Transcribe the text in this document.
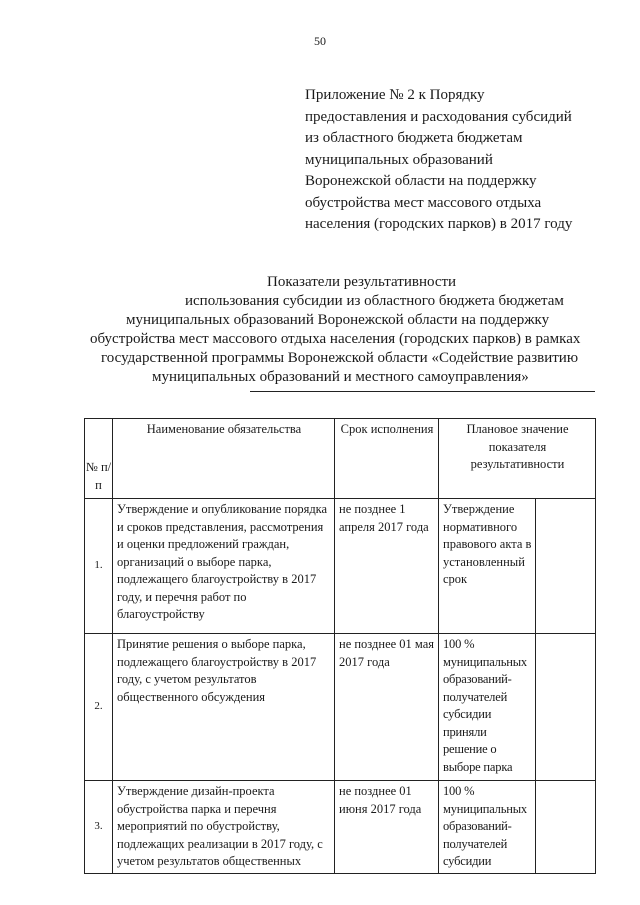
50
Приложение № 2 к Порядку
предоставления и расходования субсидий
из областного бюджета бюджетам
муниципальных образований
Воронежской области на поддержку
обустройства мест массового отдыха
населения (городских парков) в 2017 году
Показатели результативности
использования субсидии из областного бюджета бюджетам
муниципальных образований Воронежской области на поддержку
обустройства мест массового отдыха населения (городских парков) в рамках
государственной программы Воронежской области «Содействие развитию
муниципальных образований и местного самоуправления»
№ п/п	Наименование обязательства	Срок исполнения	Плановое значение показателя результативности	
1.	Утверждение и опубликование порядка и сроков представления, рассмотрения и оценки предложений граждан, организаций о выборе парка, подлежащего благоустройству в 2017 году, и перечня работ по благоустройству	не позднее 1 апреля 2017 года	Утверждение нормативного правового акта в установленный срок	
2.	Принятие решения о выборе парка, подлежащего благоустройству в 2017 году, с учетом результатов общественного обсуждения	не позднее 01 мая 2017 года	100 % муниципальных образований-получателей субсидии приняли решение о выборе парка	
3.	Утверждение дизайн-проекта обустройства парка и перечня мероприятий по обустройству, подлежащих реализации в 2017 году, с учетом результатов общественных	не позднее 01 июня 2017 года	100 % муниципальных образований-получателей субсидии	
